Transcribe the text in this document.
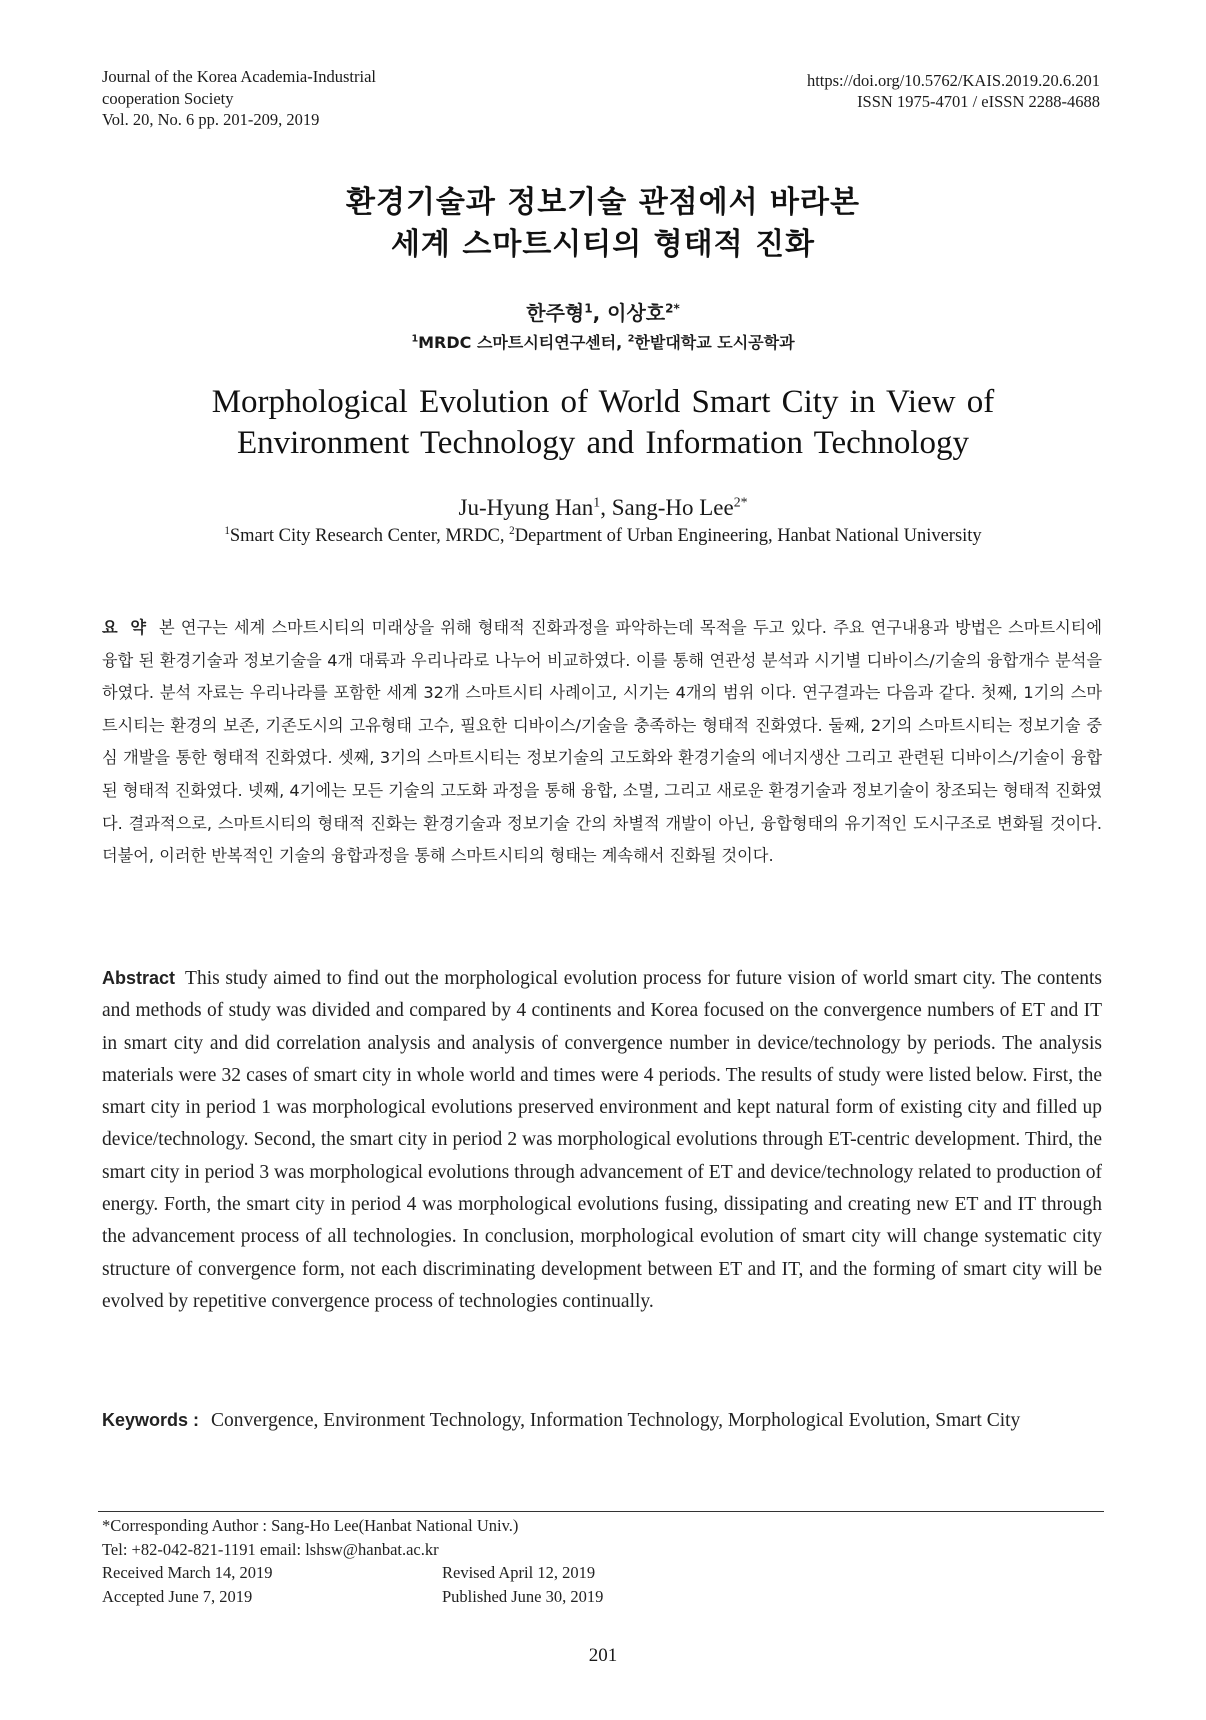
Journal of the Korea Academia-Industrial
cooperation Society
Vol. 20, No. 6 pp. 201-209, 2019
https://doi.org/10.5762/KAIS.2019.20.6.201
ISSN 1975-4701 / eISSN 2288-4688
환경기술과 정보기술 관점에서 바라본
세계 스마트시티의 형태적 진화
한주형$^1$, 이상호$^{2*}$
$^1$MRDC 스마트시티연구센터, $^2$한밭대학교 도시공학과
Morphological Evolution of World Smart City in View of
Environment Technology and Information Technology
Ju-Hyung Han$^1$, Sang-Ho Lee$^{2*}$
$^1$Smart City Research Center, MRDC, $^2$Department of Urban Engineering, Hanbat National University
요 약 본 연구는 세계 스마트시티의 미래상을 위해 형태적 진화과정을 파악하는데 목적을 두고 있다. 주요 연구내용과 방법은 스마트시티에 융합 된 환경기술과 정보기술을 4개 대륙과 우리나라로 나누어 비교하였다. 이를 통해 연관성 분석과 시기별 디바이스/기술의 융합개수 분석을 하였다. 분석 자료는 우리나라를 포함한 세계 32개 스마트시티 사례이고, 시기는 4개의 범위 이다. 연구결과는 다음과 같다. 첫째, 1기의 스마트시티는 환경의 보존, 기존도시의 고유형태 고수, 필요한 디바이스/기술을 충족하는 형태적 진화였다. 둘째, 2기의 스마트시티는 정보기술 중심 개발을 통한 형태적 진화였다. 셋째, 3기의 스마트시티는 정보기술의 고도화와 환경기술의 에너지생산 그리고 관련된 디바이스/기술이 융합된 형태적 진화였다. 넷째, 4기에는 모든 기술의 고도화 과정을 통해 융합, 소멸, 그리고 새로운 환경기술과 정보기술이 창조되는 형태적 진화였다. 결과적으로, 스마트시티의 형태적 진화는 환경기술과 정보기술 간의 차별적 개발이 아닌, 융합형태의 유기적인 도시구조로 변화될 것이다. 더불어, 이러한 반복적인 기술의 융합과정을 통해 스마트시티의 형태는 계속해서 진화될 것이다.
Abstract This study aimed to find out the morphological evolution process for future vision of world smart city. The contents and methods of study was divided and compared by 4 continents and Korea focused on the convergence numbers of ET and IT in smart city and did correlation analysis and analysis of convergence number in device/technology by periods. The analysis materials were 32 cases of smart city in whole world and times were 4 periods. The results of study were listed below. First, the smart city in period 1 was morphological evolutions preserved environment and kept natural form of existing city and filled up device/technology. Second, the smart city in period 2 was morphological evolutions through ET-centric development. Third, the smart city in period 3 was morphological evolutions through advancement of ET and device/technology related to production of energy. Forth, the smart city in period 4 was morphological evolutions fusing, dissipating and creating new ET and IT through the advancement process of all technologies. In conclusion, morphological evolution of smart city will change systematic city structure of convergence form, not each discriminating development between ET and IT, and the forming of smart city will be evolved by repetitive convergence process of technologies continually.
Keywords : Convergence, Environment Technology, Information Technology, Morphological Evolution, Smart City
*Corresponding Author : Sang-Ho Lee(Hanbat National Univ.)
Tel: +82-042-821-1191 email: lshsw@hanbat.ac.kr
Received March 14, 2019	Revised April 12, 2019
Accepted June 7, 2019	Published June 30, 2019
201
